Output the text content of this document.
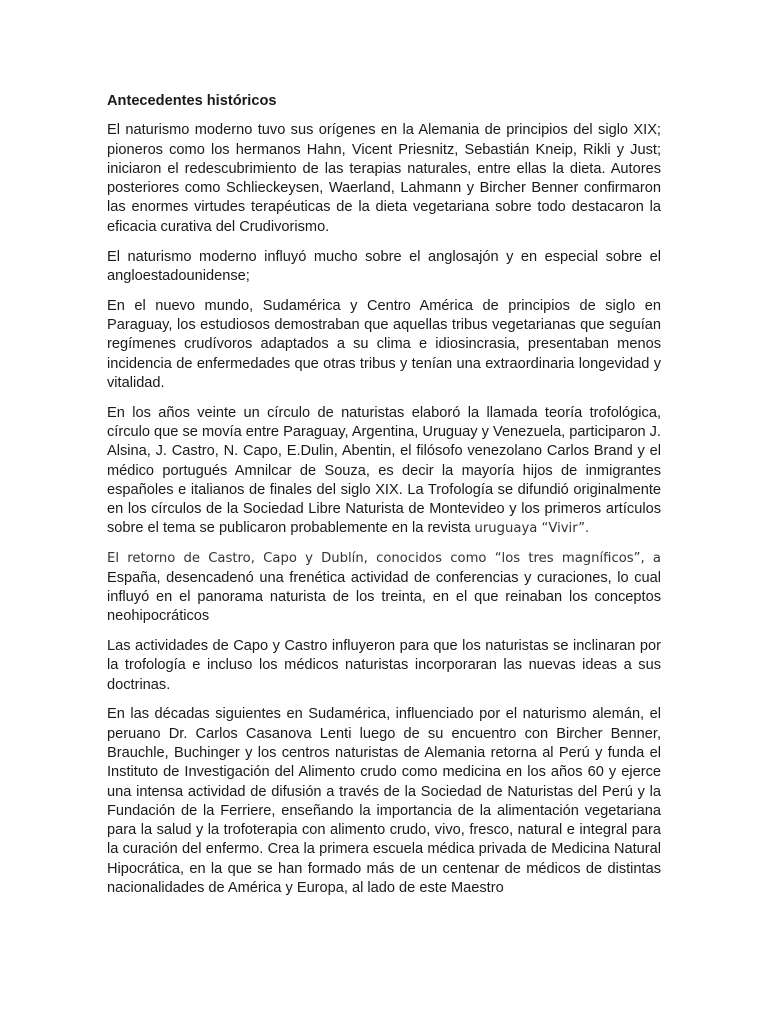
Antecedentes históricos

El naturismo moderno tuvo sus orígenes en la Alemania de principios del siglo XIX; pioneros como los hermanos Hahn, Vicent Priesnitz, Sebastián Kneip, Rikli y Just; iniciaron el redescubrimiento de las terapias naturales, entre ellas la dieta. Autores posteriores como Schlieckeysen, Waerland, Lahmann y Bircher Benner confirmaron las enormes virtudes terapéuticas de la dieta vegetariana sobre todo destacaron la eficacia curativa del Crudivorismo.

El naturismo moderno influyó mucho sobre el anglosajón y en especial sobre el angloestadounidense;

En el nuevo mundo, Sudamérica y Centro América de principios de siglo en Paraguay, los estudiosos demostraban que aquellas tribus vegetarianas que seguían regímenes crudívoros adaptados a su clima e idiosincrasia, presentaban menos incidencia de enfermedades que otras tribus y tenían una extraordinaria longevidad y vitalidad.

En los años veinte un círculo de naturistas elaboró la llamada teoría trofológica, círculo que se movía entre Paraguay, Argentina, Uruguay y Venezuela, participaron J. Alsina, J. Castro, N. Capo, E.Dulin, Abentin, el filósofo venezolano Carlos Brand y el médico portugués Amnilcar de Souza, es decir la mayoría hijos de inmigrantes españoles e italianos de finales del siglo XIX. La Trofología se difundió originalmente en los círculos de la Sociedad Libre Naturista de Montevideo y los primeros artículos sobre el tema se publicaron probablemente en la revista uruguaya “Vivir”.

El retorno de Castro, Capo y Dublín, conocidos como “los tres magníficos”, a España, desencadenó una frenética actividad de conferencias y curaciones, lo cual influyó en el panorama naturista de los treinta, en el que reinaban los conceptos neohipocráticos

Las actividades de Capo y Castro influyeron para que los naturistas se inclinaran por la trofología e incluso los médicos naturistas incorporaran las nuevas ideas a sus doctrinas.

En las décadas siguientes en Sudamérica, influenciado por el naturismo alemán, el peruano Dr. Carlos Casanova Lenti luego de su encuentro con Bircher Benner, Brauchle, Buchinger y los centros naturistas de Alemania retorna al Perú y funda el Instituto de Investigación del Alimento crudo como medicina en los años 60 y ejerce una intensa actividad de difusión a través de la Sociedad de Naturistas del Perú y la Fundación de la Ferriere, enseñando la importancia de la alimentación vegetariana para la salud y la trofoterapia con alimento crudo, vivo, fresco, natural e integral para la curación del enfermo. Crea la primera escuela médica privada de Medicina Natural Hipocrática, en la que se han formado más de un centenar de médicos de distintas nacionalidades de América y Europa, al lado de este Maestro
